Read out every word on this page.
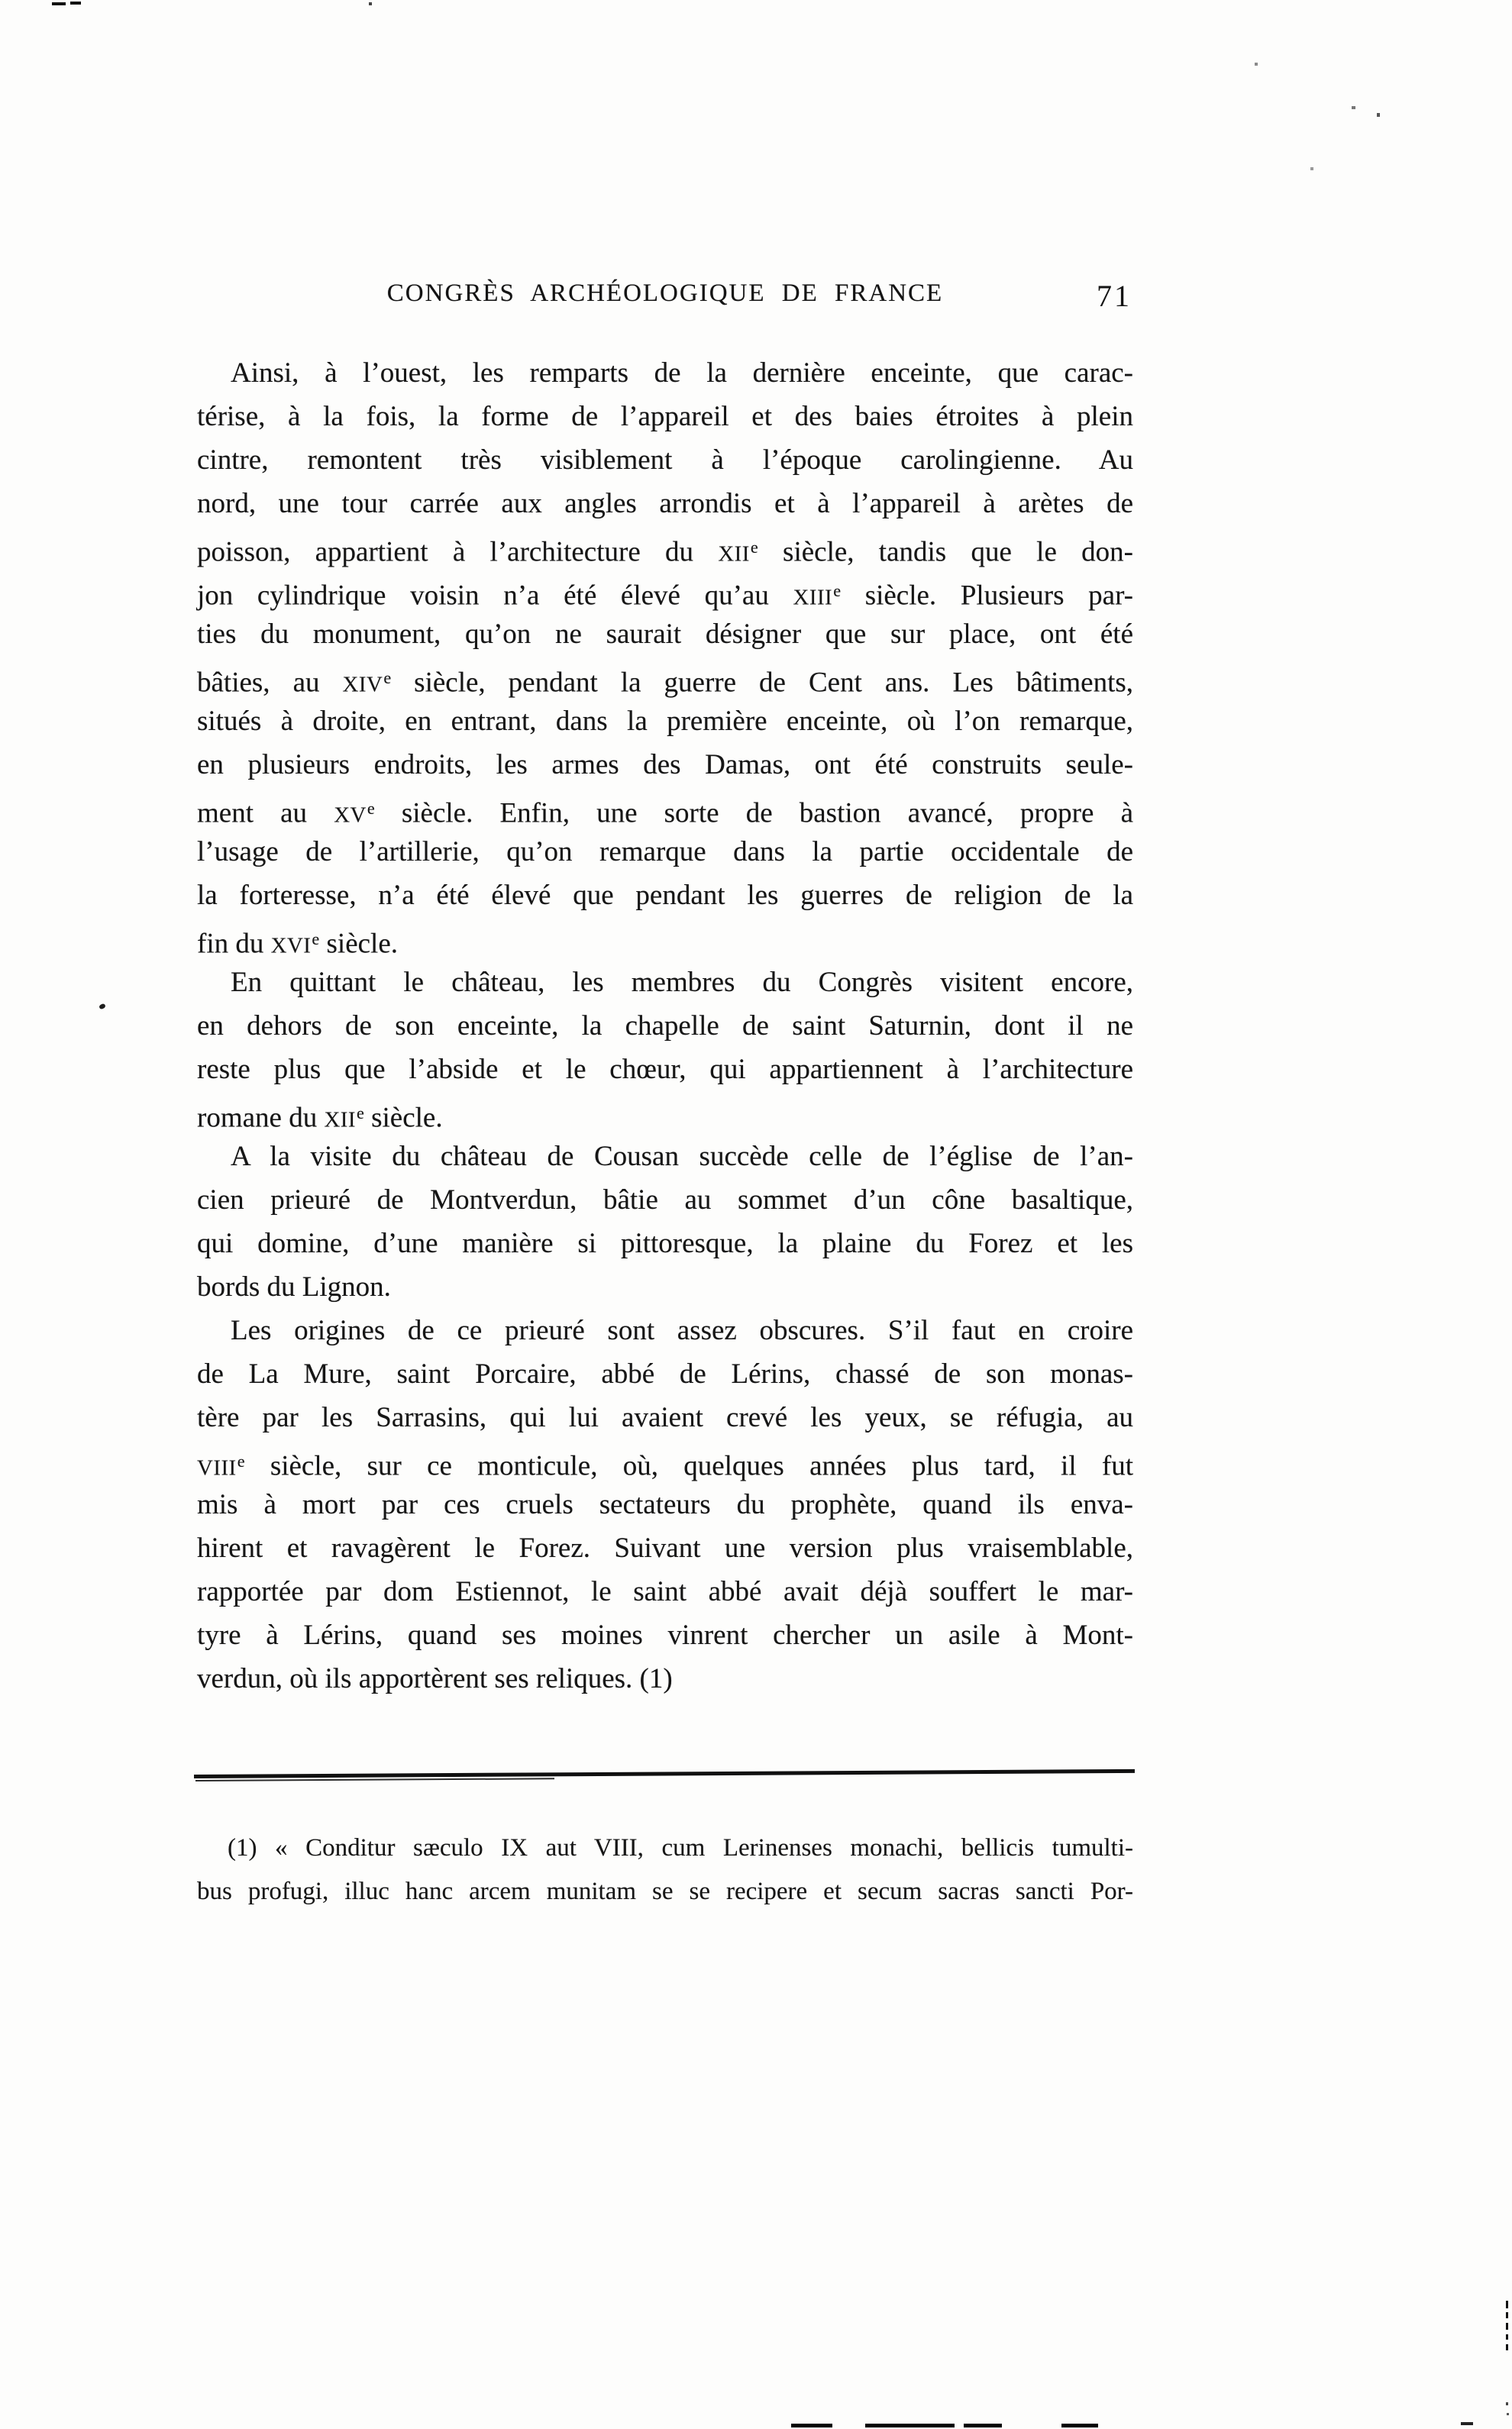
CONGRÈS ARCHÉOLOGIQUE DE FRANCE	71
Ainsi, à l’ouest, les remparts de la dernière enceinte, que carac-
térise, à la fois, la forme de l’appareil et des baies étroites à plein
cintre, remontent très visiblement à l’époque carolingienne. Au
nord, une tour carrée aux angles arrondis et à l’appareil à arètes de
poisson, appartient à l’architecture du XIIe siècle, tandis que le don-
jon cylindrique voisin n’a été élevé qu’au XIIIe siècle. Plusieurs par-
ties du monument, qu’on ne saurait désigner que sur place, ont été
bâties, au XIVe siècle, pendant la guerre de Cent ans. Les bâtiments,
situés à droite, en entrant, dans la première enceinte, où l’on remarque,
en plusieurs endroits, les armes des Damas, ont été construits seule-
ment au XVe siècle. Enfin, une sorte de bastion avancé, propre à
l’usage de l’artillerie, qu’on remarque dans la partie occidentale de
la forteresse, n’a été élevé que pendant les guerres de religion de la
fin du XVIe siècle.
En quittant le château, les membres du Congrès visitent encore,
en dehors de son enceinte, la chapelle de saint Saturnin, dont il ne
reste plus que l’abside et le chœur, qui appartiennent à l’architecture
romane du XIIe siècle.
A la visite du château de Cousan succède celle de l’église de l’an-
cien prieuré de Montverdun, bâtie au sommet d’un cône basaltique,
qui domine, d’une manière si pittoresque, la plaine du Forez et les
bords du Lignon.
Les origines de ce prieuré sont assez obscures. S’il faut en croire
de La Mure, saint Porcaire, abbé de Lérins, chassé de son monas-
tère par les Sarrasins, qui lui avaient crevé les yeux, se réfugia, au
VIIIe siècle, sur ce monticule, où, quelques années plus tard, il fut
mis à mort par ces cruels sectateurs du prophète, quand ils enva-
hirent et ravagèrent le Forez. Suivant une version plus vraisemblable,
rapportée par dom Estiennot, le saint abbé avait déjà souffert le mar-
tyre à Lérins, quand ses moines vinrent chercher un asile à Mont-
verdun, où ils apportèrent ses reliques. (1)
(1) « Conditur sæculo IX aut VIII, cum Lerinenses monachi, bellicis tumulti-
bus profugi, illuc hanc arcem munitam se se recipere et secum sacras sancti Por-
